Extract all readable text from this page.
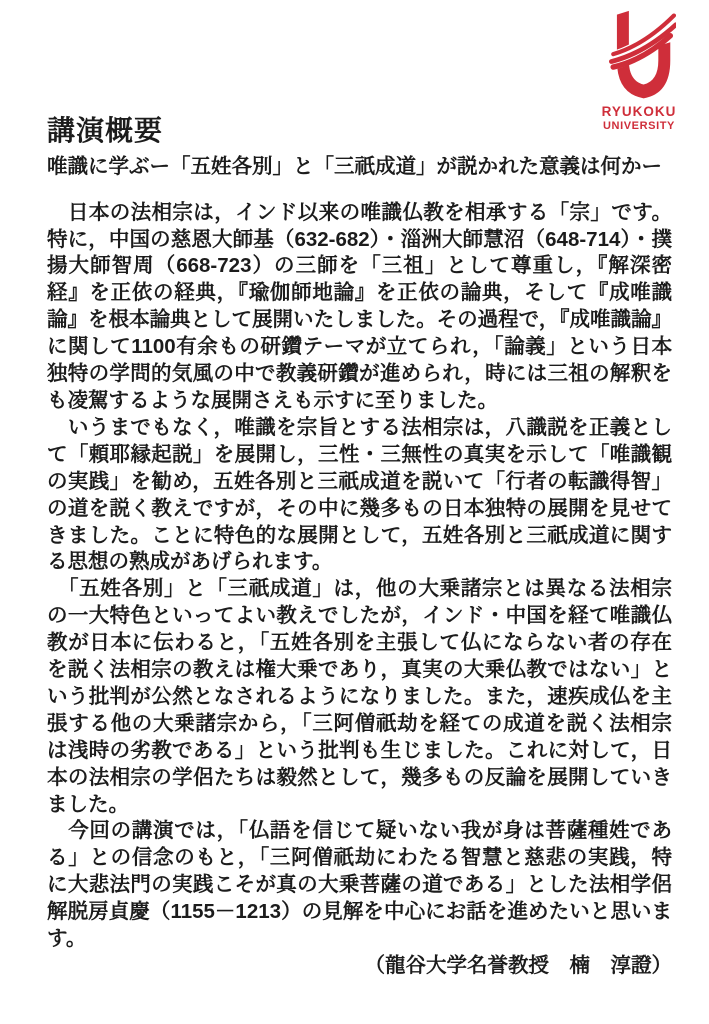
RYUKOKU
UNIVERSITY
講演概要
唯識に学ぶー「五姓各別」と「三祇成道」が説かれた意義は何かー

　日本の法相宗は，インド以来の唯識仏教を相承する「宗」です。特に，中国の慈恩大師基（632-682）・淄洲大師慧沼（648-714）・撲揚大師智周（668-723）の三師を「三祖」として尊重し，『解深密経』を正依の経典，『瑜伽師地論』を正依の論典，そして『成唯識論』を根本論典として展開いたしました。その過程で，『成唯識論』に関して1100有余もの研鑽テーマが立てられ，「論義」という日本独特の学問的気風の中で教義研鑽が進められ，時には三祖の解釈をも凌駕するような展開さえも示すに至りました。

　いうまでもなく，唯識を宗旨とする法相宗は，八識説を正義として「頼耶縁起説」を展開し，三性・三無性の真実を示して「唯識観の実践」を勧め，五姓各別と三祇成道を説いて「行者の転識得智」の道を説く教えですが，その中に幾多もの日本独特の展開を見せてきました。ことに特色的な展開として，五姓各別と三祇成道に関する思想の熟成があげられます。

　「五姓各別」と「三祇成道」は，他の大乗諸宗とは異なる法相宗の一大特色といってよい教えでしたが，インド・中国を経て唯識仏教が日本に伝わると，「五姓各別を主張して仏にならない者の存在を説く法相宗の教えは権大乗であり，真実の大乗仏教ではない」という批判が公然となされるようになりました。また，速疾成仏を主張する他の大乗諸宗から，「三阿僧祇劫を経ての成道を説く法相宗は浅時の劣教である」という批判も生じました。これに対して，日本の法相宗の学侶たちは毅然として，幾多もの反論を展開していきました。

　今回の講演では，「仏語を信じて疑いない我が身は菩薩種姓である」との信念のもと，「三阿僧祇劫にわたる智慧と慈悲の実践，特に大悲法門の実践こそが真の大乗菩薩の道である」とした法相学侶　解脱房貞慶（1155－1213）の見解を中心にお話を進めたいと思います。

（龍谷大学名誉教授　楠　淳證）
